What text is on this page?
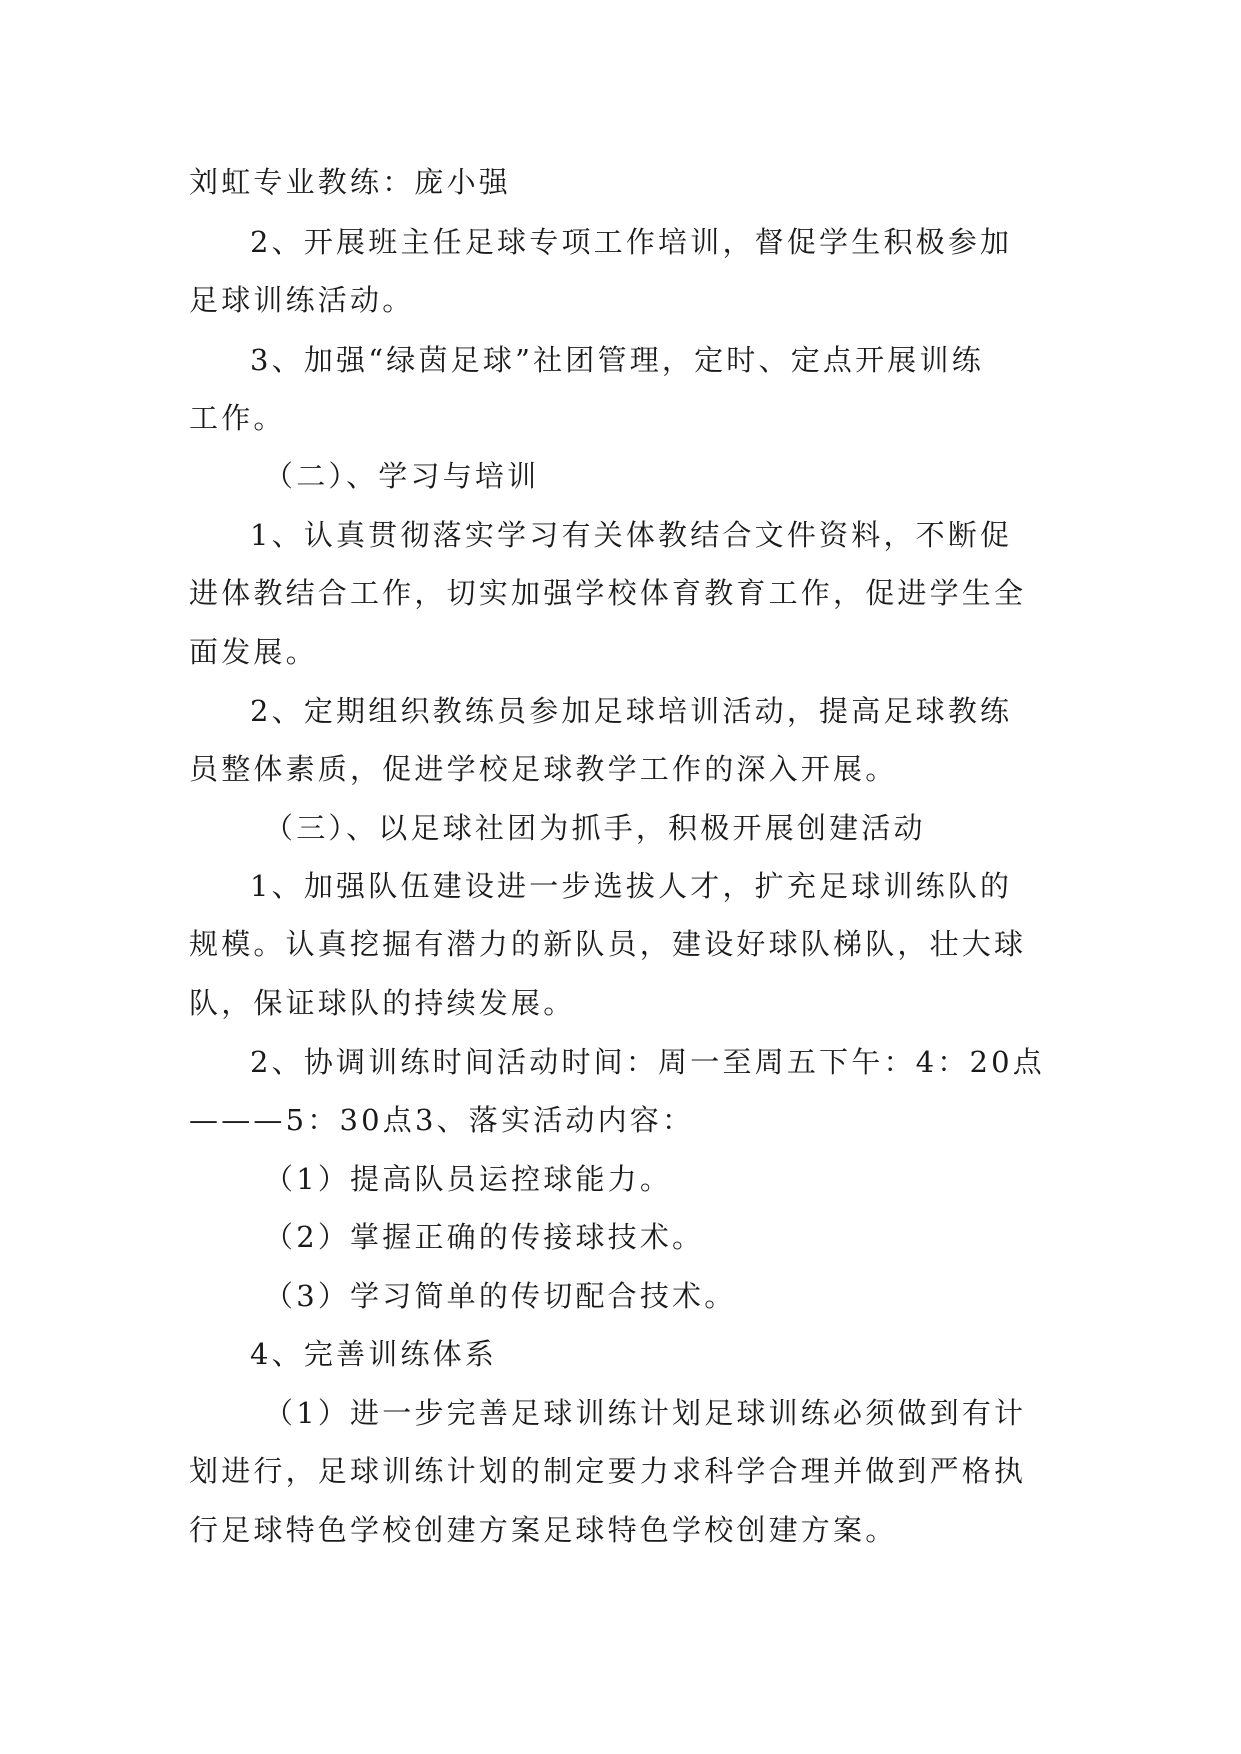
刘虹专业教练：庞小强
2、开展班主任足球专项工作培训，督促学生积极参加
足球训练活动。
3、加强“绿茵足球”社团管理，定时、定点开展训练
工作。
（二）、学习与培训
1、认真贯彻落实学习有关体教结合文件资料，不断促
进体教结合工作，切实加强学校体育教育工作，促进学生全
面发展。
2、定期组织教练员参加足球培训活动，提高足球教练
员整体素质，促进学校足球教学工作的深入开展。
（三）、以足球社团为抓手，积极开展创建活动
1、加强队伍建设进一步选拔人才，扩充足球训练队的
规模。认真挖掘有潜力的新队员，建设好球队梯队，壮大球
队，保证球队的持续发展。
2、协调训练时间活动时间：周一至周五下午：4：20点
———5：30点3、落实活动内容：
（1）提高队员运控球能力。
（2）掌握正确的传接球技术。
（3）学习简单的传切配合技术。
4、完善训练体系
（1）进一步完善足球训练计划足球训练必须做到有计
划进行，足球训练计划的制定要力求科学合理并做到严格执
行足球特色学校创建方案足球特色学校创建方案。
